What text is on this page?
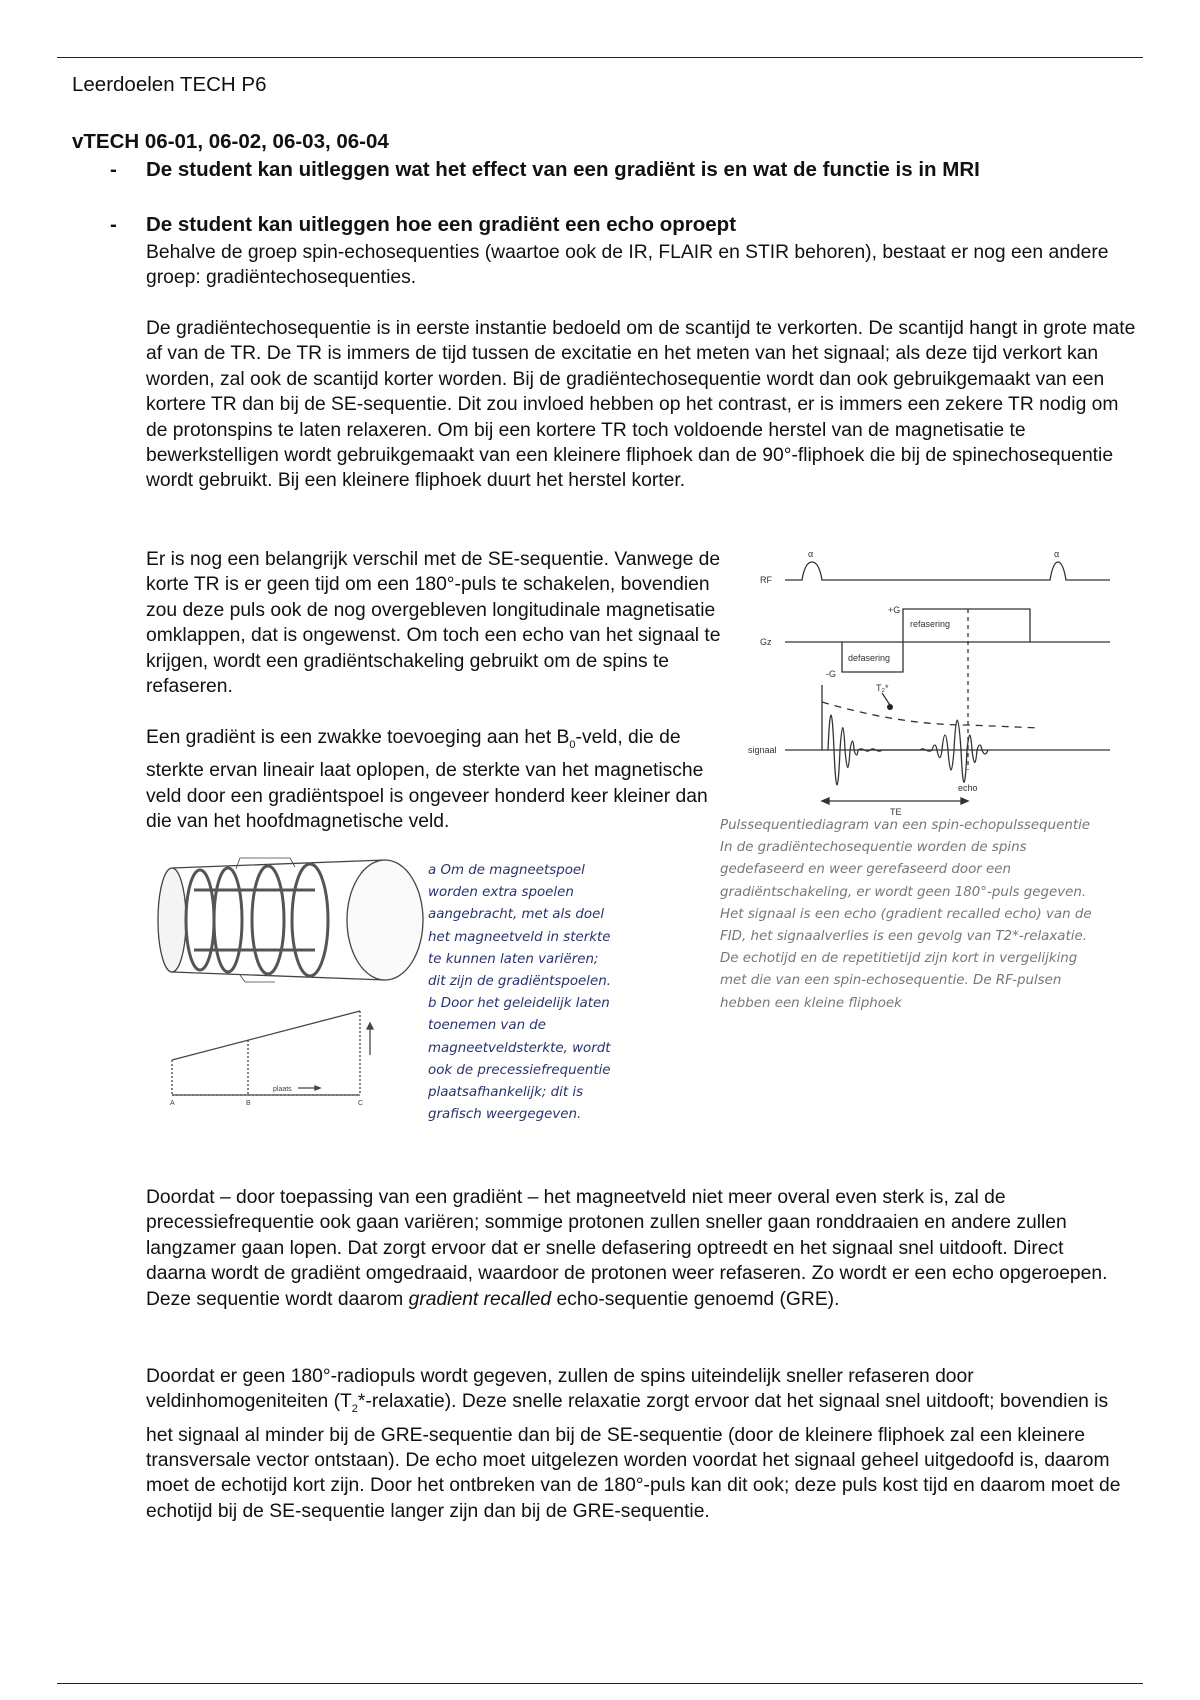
Leerdoelen TECH P6
vTECH 06-01, 06-02, 06-03, 06-04
- De student kan uitleggen wat het effect van een gradiënt is en wat de functie is in MRI
- De student kan uitleggen hoe een gradiënt een echo oproept

Behalve de groep spin-echosequenties (waartoe ook de IR, FLAIR en STIR behoren), bestaat er nog een andere groep: gradiëntechosequenties.

De gradiëntechosequentie is in eerste instantie bedoeld om de scantijd te verkorten. De scantijd hangt in grote mate af van de TR. De TR is immers de tijd tussen de excitatie en het meten van het signaal; als deze tijd verkort kan worden, zal ook de scantijd korter worden. Bij de gradiëntechosequentie wordt dan ook gebruikgemaakt van een kortere TR dan bij de SE-sequentie. Dit zou invloed hebben op het contrast, er is immers een zekere TR nodig om de protonspins te laten relaxeren. Om bij een kortere TR toch voldoende herstel van de magnetisatie te bewerkstelligen wordt gebruikgemaakt van een kleinere fliphoek dan de 90°-fliphoek die bij de spinechosequentie wordt gebruikt. Bij een kleinere fliphoek duurt het herstel korter.

Er is nog een belangrijk verschil met de SE-sequentie. Vanwege de korte TR is er geen tijd om een 180°-puls te schakelen, bovendien zou deze puls ook de nog overgebleven longitudinale magnetisatie omklappen, dat is ongewenst. Om toch een echo van het signaal te krijgen, wordt een gradiëntschakeling gebruikt om de spins te refaseren.

Een gradiënt is een zwakke toevoeging aan het $B_0$-veld, die de sterkte ervan lineair laat oplopen, de sterkte van het magnetische veld door een gradiëntspoel is ongeveer honderd keer kleiner dan die van het hoofdmagnetische veld.

RF
α	α
Gz
+G
-G
refasering
defasering
T₂*
signaal
echo
TE

Pulssequentiediagram van een spin-echopulssequentie In de gradiëntechosequentie worden de spins gedefaseerd en weer gerefaseerd door een gradiëntschakeling, er wordt geen 180°-puls gegeven. Het signaal is een echo (gradient recalled echo) van de FID, het signaalverlies is een gevolg van T2*-relaxatie. De echotijd en de repetitietijd zijn kort in vergelijking met die van een spin-echosequentie. De RF-pulsen hebben een kleine fliphoek

A	B	C
plaats

a Om de magneetspoel worden extra spoelen aangebracht, met als doel het magneetveld in sterkte te kunnen laten variëren; dit zijn de gradiëntspoelen.

b Door het geleidelijk laten toenemen van de magneetveldsterkte, wordt ook de precessiefrequentie plaatsafhankelijk; dit is grafisch weergegeven.

Doordat – door toepassing van een gradiënt – het magneetveld niet meer overal even sterk is, zal de precessiefrequentie ook gaan variëren; sommige protonen zullen sneller gaan ronddraaien en andere zullen langzamer gaan lopen. Dat zorgt ervoor dat er snelle defasering optreedt en het signaal snel uitdooft. Direct daarna wordt de gradiënt omgedraaid, waardoor de protonen weer refaseren. Zo wordt er een echo opgeroepen. Deze sequentie wordt daarom gradient recalled echo-sequentie genoemd (GRE).

Doordat er geen 180°-radiopuls wordt gegeven, zullen de spins uiteindelijk sneller refaseren door veldinhomogeniteiten $(T_2*-relaxatie)$. Deze snelle relaxatie zorgt ervoor dat het signaal snel uitdooft; bovendien is het signaal al minder bij de GRE-sequentie dan bij de SE-sequentie (door de kleinere fliphoek zal een kleinere transversale vector ontstaan). De echo moet uitgelezen worden voordat het signaal geheel uitgedoofd is, daarom moet de echotijd kort zijn. Door het ontbreken van de 180°-puls kan dit ook; deze puls kost tijd en daarom moet de echotijd bij de SE-sequentie langer zijn dan bij de GRE-sequentie.
